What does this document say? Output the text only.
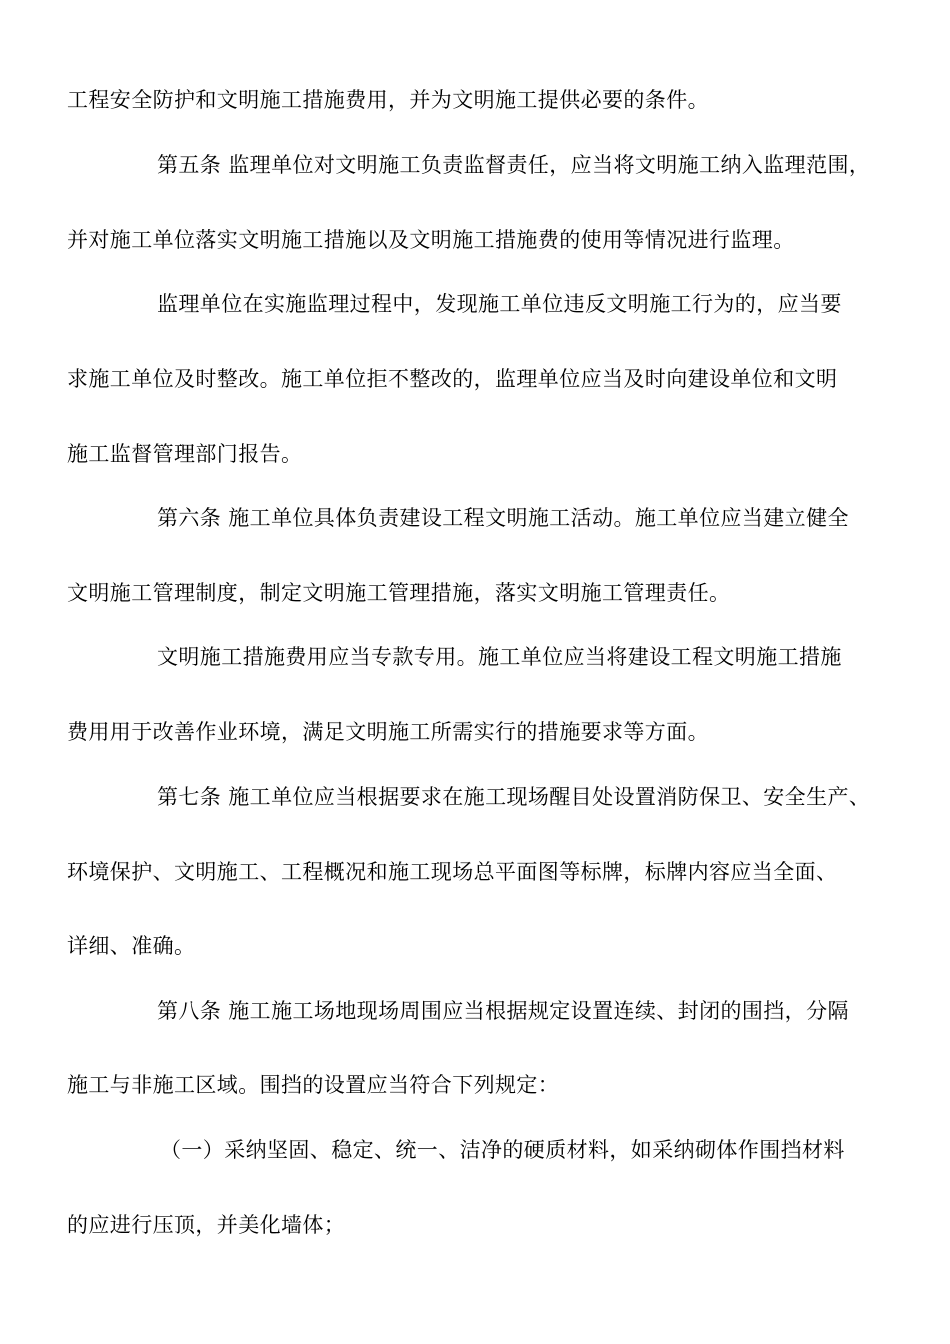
工程安全防护和文明施工措施费用，并为文明施工提供必要的条件。
第五条 监理单位对文明施工负责监督责任，应当将文明施工纳入监理范围，
并对施工单位落实文明施工措施以及文明施工措施费的使用等情况进行监理。
监理单位在实施监理过程中，发现施工单位违反文明施工行为的，应当要
求施工单位及时整改。施工单位拒不整改的，监理单位应当及时向建设单位和文明
施工监督管理部门报告。
第六条 施工单位具体负责建设工程文明施工活动。施工单位应当建立健全
文明施工管理制度，制定文明施工管理措施，落实文明施工管理责任。
文明施工措施费用应当专款专用。施工单位应当将建设工程文明施工措施
费用用于改善作业环境，满足文明施工所需实行的措施要求等方面。
第七条 施工单位应当根据要求在施工现场醒目处设置消防保卫、安全生产、
环境保护、文明施工、工程概况和施工现场总平面图等标牌，标牌内容应当全面、
详细、准确。
第八条 施工施工场地现场周围应当根据规定设置连续、封闭的围挡，分隔
施工与非施工区域。围挡的设置应当符合下列规定：
（一）采纳坚固、稳定、统一、洁净的硬质材料，如采纳砌体作围挡材料
的应进行压顶，并美化墙体；
